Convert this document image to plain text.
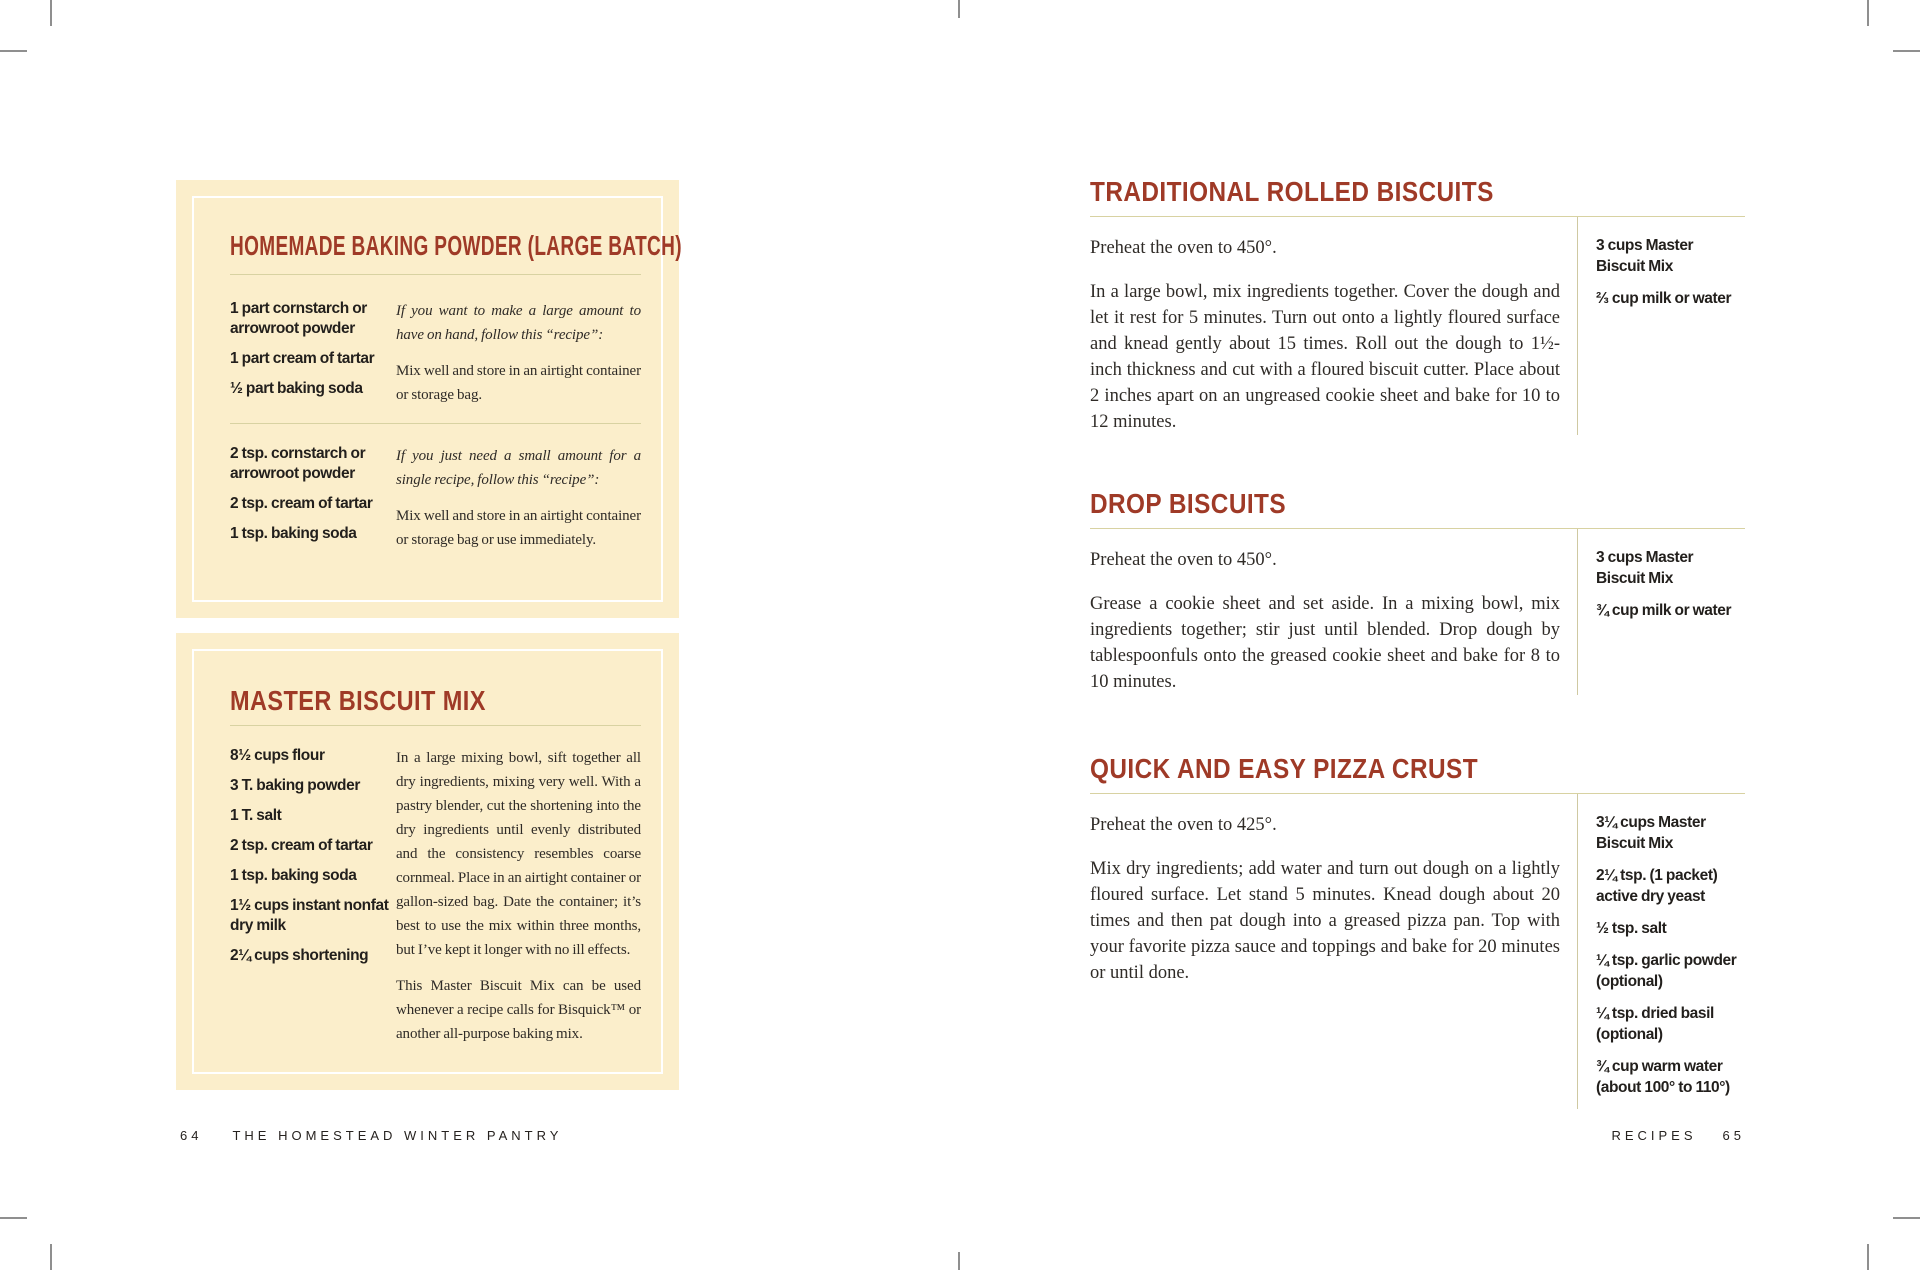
HOMEMADE BAKING POWDER (LARGE BATCH)

1 part cornstarch or arrowroot powder

1 part cream of tartar

½ part baking soda

If you want to make a large amount to have on hand, follow this “recipe”:

Mix well and store in an airtight container or storage bag.

2 tsp. cornstarch or arrowroot powder

2 tsp. cream of tartar

1 tsp. baking soda

If you just need a small amount for a single recipe, follow this “recipe”:

Mix well and store in an airtight container or storage bag or use immediately.

MASTER BISCUIT MIX

8½ cups flour

3 T. baking powder

1 T. salt

2 tsp. cream of tartar

1 tsp. baking soda

1½ cups instant nonfat dry milk

2¼ cups shortening

In a large mixing bowl, sift together all dry ingredients, mixing very well. With a pastry blender, cut the shortening into the dry ingredients until evenly distributed and the consistency resembles coarse cornmeal. Place in an airtight container or gallon-sized bag. Date the container; it’s best to use the mix within three months, but I’ve kept it longer with no ill effects.

This Master Biscuit Mix can be used whenever a recipe calls for Bisquick™ or another all-purpose baking mix.

64 THE HOMESTEAD WINTER PANTRY
TRADITIONAL ROLLED BISCUITS

Preheat the oven to 450°.

In a large bowl, mix ingredients together. Cover the dough and let it rest for 5 minutes. Turn out onto a lightly floured surface and knead gently about 15 times. Roll out the dough to 1½-inch thickness and cut with a floured biscuit cutter. Place about 2 inches apart on an ungreased cookie sheet and bake for 10 to 12 minutes.

3 cups Master Biscuit Mix

⅔ cup milk or water

DROP BISCUITS

Preheat the oven to 450°.

Grease a cookie sheet and set aside. In a mixing bowl, mix ingredients together; stir just until blended. Drop dough by tablespoonfuls onto the greased cookie sheet and bake for 8 to 10 minutes.

3 cups Master Biscuit Mix

¾ cup milk or water

QUICK AND EASY PIZZA CRUST

Preheat the oven to 425°.

Mix dry ingredients; add water and turn out dough on a lightly floured surface. Let stand 5 minutes. Knead dough about 20 times and then pat dough into a greased pizza pan. Top with your favorite pizza sauce and toppings and bake for 20 minutes or until done.

3¼ cups Master Biscuit Mix

2¼ tsp. (1 packet) active dry yeast

½ tsp. salt

¼ tsp. garlic powder (optional)

¼ tsp. dried basil (optional)

¾ cup warm water (about 100° to 110°)

RECIPES 65
